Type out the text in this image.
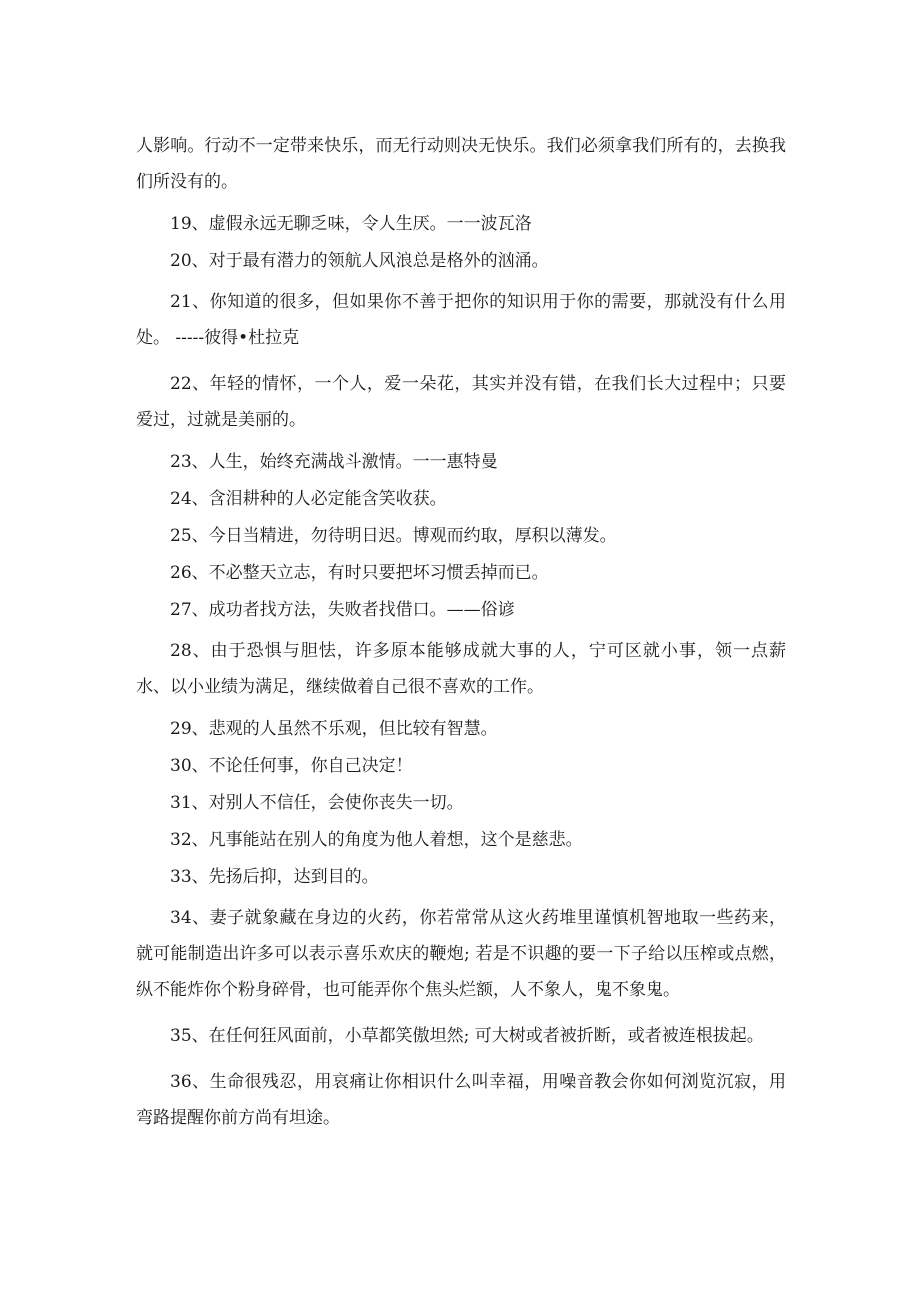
人影响。行动不一定带来快乐，而无行动则决无快乐。我们必须拿我们所有的，去换我们所没有的。

19、虚假永远无聊乏味，令人生厌。一一波瓦洛

20、对于最有潜力的领航人风浪总是格外的汹涌。

21、你知道的很多，但如果你不善于把你的知识用于你的需要，那就没有什么用处。 -----彼得•杜拉克

22、年轻的情怀，一个人，爱一朵花，其实并没有错，在我们长大过程中；只要爱过，过就是美丽的。

23、人生，始终充满战斗激情。一一惠特曼

24、含泪耕种的人必定能含笑收获。

25、今日当精进，勿待明日迟。博观而约取，厚积以薄发。

26、不必整天立志，有时只要把坏习惯丢掉而已。

27、成功者找方法，失败者找借口。——俗谚

28、由于恐惧与胆怯，许多原本能够成就大事的人，宁可区就小事，领一点薪水、以小业绩为满足，继续做着自己很不喜欢的工作。

29、悲观的人虽然不乐观，但比较有智慧。

30、不论任何事，你自己决定！

31、对别人不信任，会使你丧失一切。

32、凡事能站在别人的角度为他人着想，这个是慈悲。

33、先扬后抑，达到目的。

34、妻子就象藏在身边的火药，你若常常从这火药堆里谨慎机智地取一些药来，就可能制造出许多可以表示喜乐欢庆的鞭炮; 若是不识趣的要一下子给以压榨或点燃，纵不能炸你个粉身碎骨，也可能弄你个焦头烂额，人不象人，鬼不象鬼。

35、在任何狂风面前，小草都笑傲坦然; 可大树或者被折断，或者被连根拔起。

36、生命很残忍，用哀痛让你相识什么叫幸福，用噪音教会你如何浏览沉寂，用弯路提醒你前方尚有坦途。
